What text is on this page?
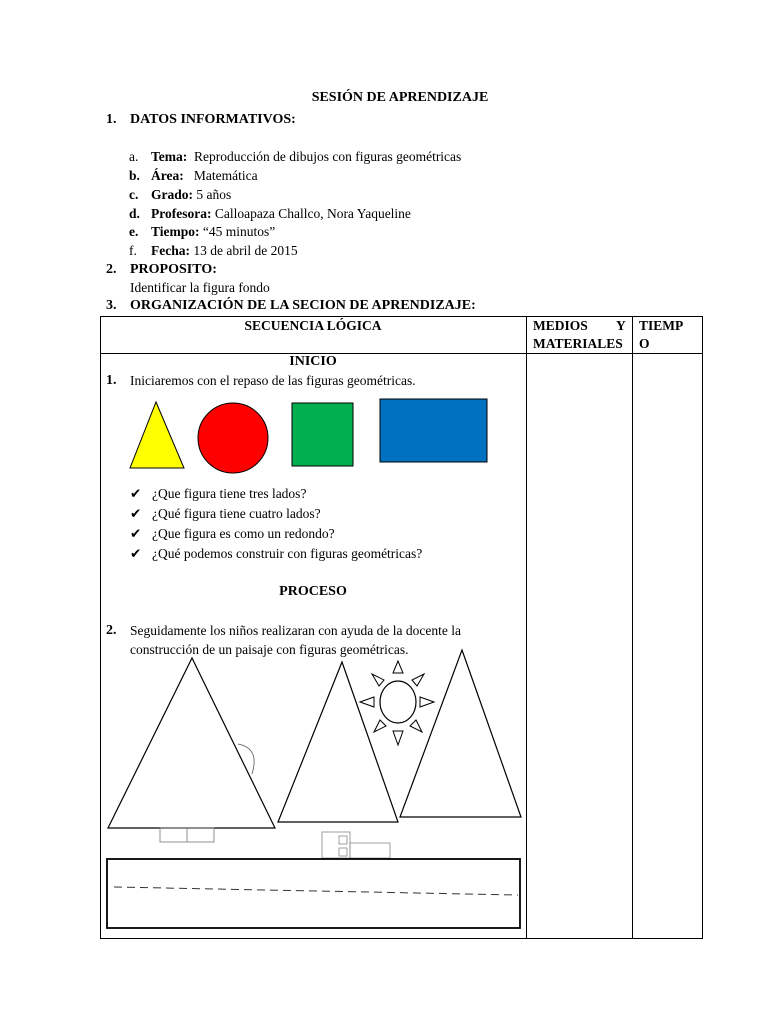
SESIÓN DE APRENDIZAJE
1. DATOS INFORMATIVOS:
a. Tema: Reproducción de dibujos con figuras geométricas
b. Área: Matemática
c. Grado: 5 años
d. Profesora: Calloapaza Challco, Nora Yaqueline
e. Tiempo: “45 minutos”
f. Fecha: 13 de abril de 2015
2. PROPOSITO:
Identificar la figura fondo
3. ORGANIZACIÓN DE LA SECION DE APRENDIZAJE:
SECUENCIA LÓGICA	MEDIOS Y
MATERIALES
TIEMP
O
INICIO
1. Iniciaremos con el repaso de las figuras geométricas.
✔ ¿Que figura tiene tres lados?
✔ ¿Qué figura tiene cuatro lados?
✔ ¿Que figura es como un redondo?
✔ ¿Qué podemos construir con figuras geométricas?
PROCESO
2. Seguidamente los niños realizaran con ayuda de la docente la
construcción de un paisaje con figuras geométricas.
